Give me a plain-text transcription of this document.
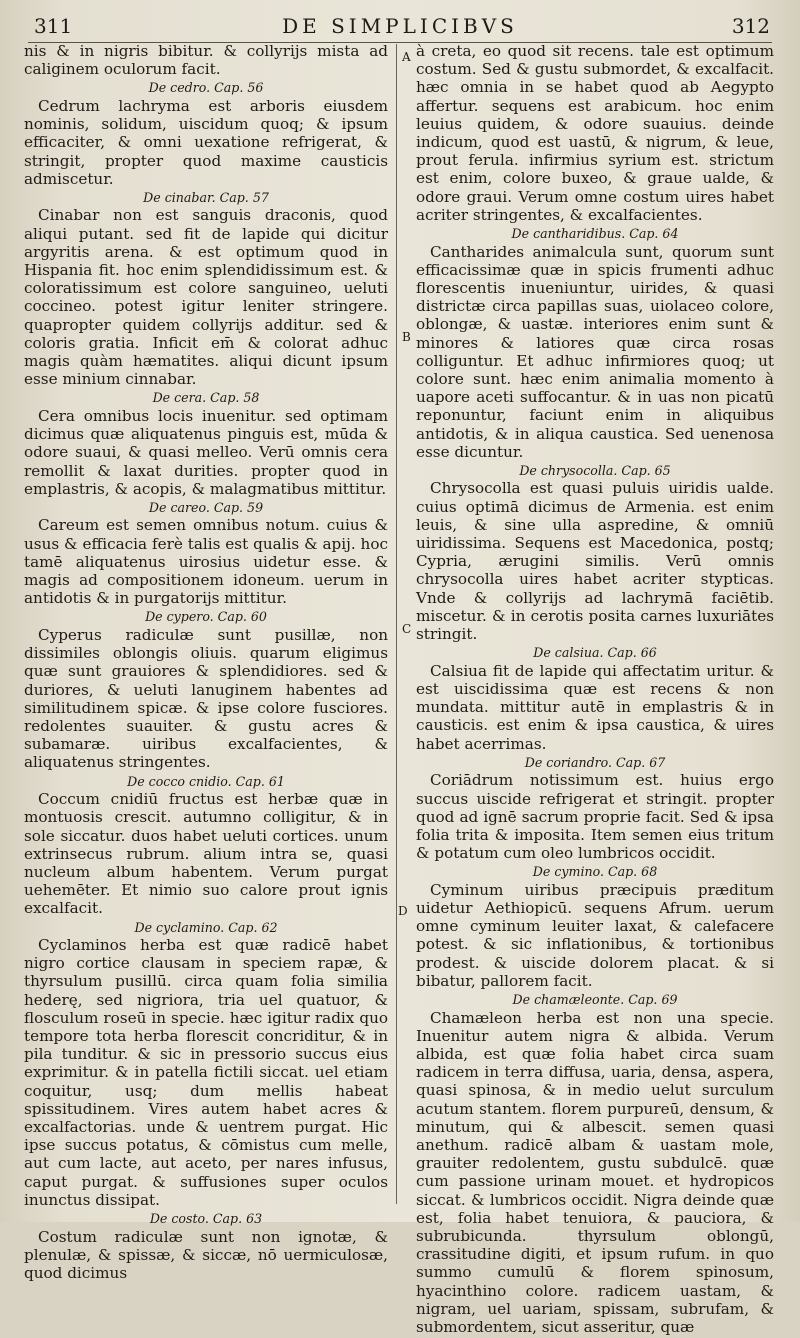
311	DE SIMPLICIBVS	312
A
B
C
D

nis & in nigris bibitur. & collyrijs mista ad caliginem oculorum facit.

De cedro. Cap. 56

Cedrum lachryma est arboris eiusdem nominis, solidum, uiscidum quoq; & ipsum efficaciter, & omni uexatione refrigerat, & stringit, propter quod maxime causticis admiscetur.

De cinabar. Cap. 57

Cinabar non est sanguis draconis, quod aliqui putant. sed fit de lapide qui dicitur argyritis arena. & est optimum quod in Hispania fit. hoc enim splendidissimum est. & coloratissimum est colore sanguineo, ueluti coccineo. potest igitur leniter stringere. quapropter quidem collyrijs additur. sed & coloris gratia. Inficit em̄ & colorat adhuc magis quàm hæmatites. aliqui dicunt ipsum esse minium cinnabar.

De cera. Cap. 58

Cera omnibus locis inuenitur. sed optimam dicimus quæ aliquatenus pinguis est, mūda & odore suaui, & quasi melleo. Verū omnis cera remollit & laxat durities. propter quod in emplastris, & acopis, & malagmatibus mittitur.

De careo. Cap. 59

Careum est semen omnibus notum. cuius & usus & efficacia ferè talis est qualis & apij. hoc tamē aliquatenus uirosius uidetur esse. & magis ad compositionem idoneum. uerum in antidotis & in purgatorijs mittitur.

De cypero. Cap. 60

Cyperus radiculæ sunt pusillæ, non dissimiles oblongis oliuis. quarum eligimus quæ sunt grauiores & splendidiores. sed & duriores, & ueluti lanuginem habentes ad similitudinem spicæ. & ipse colore fusciores. redolentes suauiter. & gustu acres & subamaræ. uiribus excalfacientes, & aliquatenus stringentes.

De cocco cnidio. Cap. 61

Coccum cnidiū fructus est herbæ quæ in montuosis crescit. autumno colligitur, & in sole siccatur. duos habet ueluti cortices. unum extrinsecus rubrum. alium intra se, quasi nucleum album habentem. Verum purgat uehemēter. Et nimio suo calore prout ignis excalfacit.

De cyclamino. Cap. 62

Cyclaminos herba est quæ radicē habet nigro cortice clausam in speciem rapæ, & thyrsulum pusillū. circa quam folia similia hederę, sed nigriora, tria uel quatuor, & flosculum roseū in specie. hæc igitur radix quo tempore tota herba florescit concriditur, & in pila tunditur. & sic in pressorio succus eius exprimitur. & in patella fictili siccat. uel etiam coquitur, usq; dum mellis habeat spissitudinem. Vires autem habet acres & excalfactorias. unde & uentrem purgat. Hic ipse succus potatus, & cōmistus cum melle, aut cum lacte, aut aceto, per nares infusus, caput purgat. & suffusiones super oculos inunctus dissipat.

De costo. Cap. 63

Costum radiculæ sunt non ignotæ, & plenulæ, & spissæ, & siccæ, nō uermiculosæ, quod dicimus

à creta, eo quod sit recens. tale est optimum costum. Sed & gustu submordet, & excalfacit. hæc omnia in se habet quod ab Aegypto affertur. sequens est arabicum. hoc enim leuius quidem, & odore suauius. deinde indicum, quod est uastū, & nigrum, & leue, prout ferula. infirmius syrium est. strictum est enim, colore buxeo, & graue ualde, & odore graui. Verum omne costum uires habet acriter stringentes, & excalfacientes.

De cantharidibus. Cap. 64

Cantharides animalcula sunt, quorum sunt efficacissimæ quæ in spicis frumenti adhuc florescentis inueniuntur, uirides, & quasi districtæ circa papillas suas, uiolaceo colore, oblongæ, & uastæ. interiores enim sunt & minores & latiores quæ circa rosas colliguntur. Et adhuc infirmiores quoq; ut colore sunt. hæc enim animalia momento à uapore aceti suffocantur. & in uas non picatū reponuntur, faciunt enim in aliquibus antidotis, & in aliqua caustica. Sed uenenosa esse dicuntur.

De chrysocolla. Cap. 65

Chrysocolla est quasi puluis uiridis ualde. cuius optimā dicimus de Armenia. est enim leuis, & sine ulla aspredine, & omniū uiridissima. Sequens est Macedonica, postq; Cypria, ærugini similis. Verū omnis chrysocolla uires habet acriter stypticas. Vnde & collyrijs ad lachrymā faciētib. miscetur. & in cerotis posita carnes luxuriātes stringit.

De calsiua. Cap. 66

Calsiua fit de lapide qui affectatim uritur. & est uiscidissima quæ est recens & non mundata. mittitur autē in emplastris & in causticis. est enim & ipsa caustica, & uires habet acerrimas.

De coriandro. Cap. 67

Coriādrum notissimum est. huius ergo succus uiscide refrigerat et stringit. propter quod ad ignē sacrum proprie facit. Sed & ipsa folia trita & imposita. Item semen eius tritum & potatum cum oleo lumbricos occidit.

De cymino. Cap. 68

Cyminum uiribus præcipuis præditum uidetur Aethiopicū. sequens Afrum. uerum omne cyminum leuiter laxat, & calefacere potest. & sic inflationibus, & tortionibus prodest. & uiscide dolorem placat. & si bibatur, pallorem facit.

De chamæleonte. Cap. 69

Chamæleon herba est non una specie. Inuenitur autem nigra & albida. Verum albida, est quæ folia habet circa suam radicem in terra diffusa, uaria, densa, aspera, quasi spinosa, & in medio uelut surculum acutum stantem. florem purpureū, densum, & minutum, qui & albescit. semen quasi anethum. radicē albam & uastam mole, grauiter redolentem, gustu subdulcē. quæ cum passione urinam mouet. et hydropicos siccat. & lumbricos occidit. Nigra deinde quæ est, folia habet tenuiora, & pauciora, & subrubicunda. thyrsulum oblongū, crassitudine digiti, et ipsum rufum. in quo summo cumulū & florem spinosum, hyacinthino colore. radicem uastam, & nigram, uel uariam, spissam, subrufam, & submordentem, sicut asseritur, quæ
